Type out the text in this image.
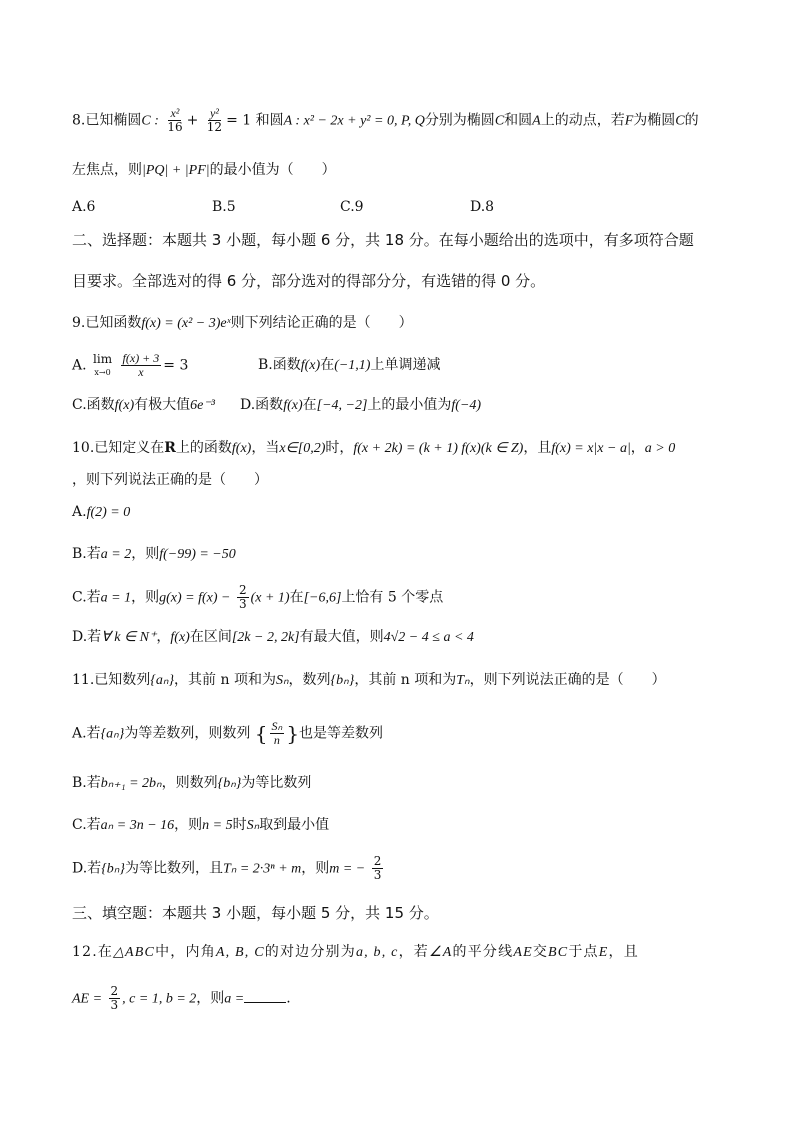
8.已知椭圆C : $\frac{\text{x²}}{16} + \frac{\text{y²}}{12} = 1$ 和圆A : x² − 2x + y² = 0, P, Q分别为椭圆C和圆A上的动点，若F为椭圆C的
左焦点，则|PQ| + |PF|的最小值为（　　）
A.6	B.5	C.9	D.8
二、选择题：本题共 3 小题，每小题 6 分，共 18 分。在每小题给出的选项中，有多项符合题
目要求。全部选对的得 6 分，部分选对的得部分分，有选错的得 0 分。
9.已知函数f(x) = (x² − 3)eˣ则下列结论正确的是（　　）
A. lim
x→0
$\frac{f(x) + 3}{x} = 3$	B.函数f(x)在(−1,1)上单调递减
C.函数f(x)有极大值6e⁻³ D.函数f(x)在[−4, −2]上的最小值为f(−4)
10.已知定义在R上的函数f(x)，当x∈[0,2)时，f(x + 2k) = (k + 1) f(x)(k ∈ Z)，且f(x) = x|x − a|，a > 0
，则下列说法正确的是（　　）
A.f(2) = 0
B.若a = 2，则f(−99) = −50
C.若a = 1，则$g(x) = f(x) - \frac{2}{3} (x + 1)$在[−6,6]上恰有 5 个零点
D.若∀ k ∈ N⁺，f(x)在区间[2k − 2, 2k]有最大值，则4√2 − 4 ≤ a < 4
11.已知数列{aₙ}，其前 n 项和为Sₙ，数列{bₙ}，其前 n 项和为Tₙ，则下列说法正确的是（　　）
A.若{aₙ}为等差数列，则数列 { $\frac{\text{Sₙ}}{n}$ }也是等差数列
B.若bₙ₊₁ = 2bₙ，则数列{bₙ}为等比数列
C.若aₙ = 3n − 16，则n = 5时Sₙ取到最小值
D.若{bₙ}为等比数列，且Tₙ = 2·3ⁿ + m，则m = − $\frac{2}{3}$
三、填空题：本题共 3 小题，每小题 5 分，共 15 分。
12.在△ABC中，内角A, B, C的对边分别为a, b, c，若∠A的平分线AE交BC于点E，且
AE = $\frac{2}{3}$ , c = 1, b = 2，则a =	.
